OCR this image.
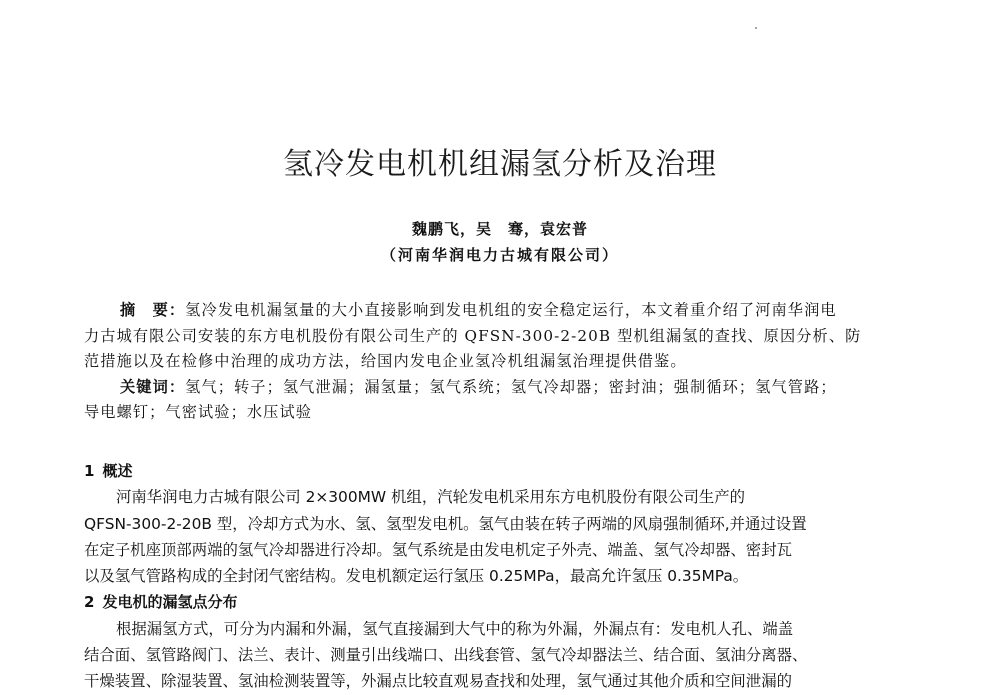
氢冷发电机机组漏氢分析及治理
魏鹏飞，吴　骞，袁宏普
（河南华润电力古城有限公司）
摘　要：氢冷发电机漏氢量的大小直接影响到发电机组的安全稳定运行，本文着重介绍了河南华润电
力古城有限公司安装的东方电机股份有限公司生产的 QFSN-300-2-20B 型机组漏氢的查找、原因分析、防
范措施以及在检修中治理的成功方法，给国内发电企业氢冷机组漏氢治理提供借鉴。
关键词：氢气；转子；氢气泄漏；漏氢量；氢气系统；氢气冷却器；密封油；强制循环；氢气管路；
导电螺钉；气密试验；水压试验
1 概述
河南华润电力古城有限公司 2×300MW 机组，汽轮发电机采用东方电机股份有限公司生产的
QFSN-300-2-20B 型，冷却方式为水、氢、氢型发电机。氢气由装在转子两端的风扇强制循环,并通过设置
在定子机座顶部两端的氢气冷却器进行冷却。氢气系统是由发电机定子外壳、端盖、氢气冷却器、密封瓦
以及氢气管路构成的全封闭气密结构。发电机额定运行氢压 0.25MPa，最高允许氢压 0.35MPa。
2 发电机的漏氢点分布
根据漏氢方式，可分为内漏和外漏，氢气直接漏到大气中的称为外漏，外漏点有：发电机人孔、端盖
结合面、氢管路阀门、法兰、表计、测量引出线端口、出线套管、氢气冷却器法兰、结合面、氢油分离器、
干燥装置、除湿装置、氢油检测装置等，外漏点比较直观易查找和处理，氢气通过其他介质和空间泄漏的
